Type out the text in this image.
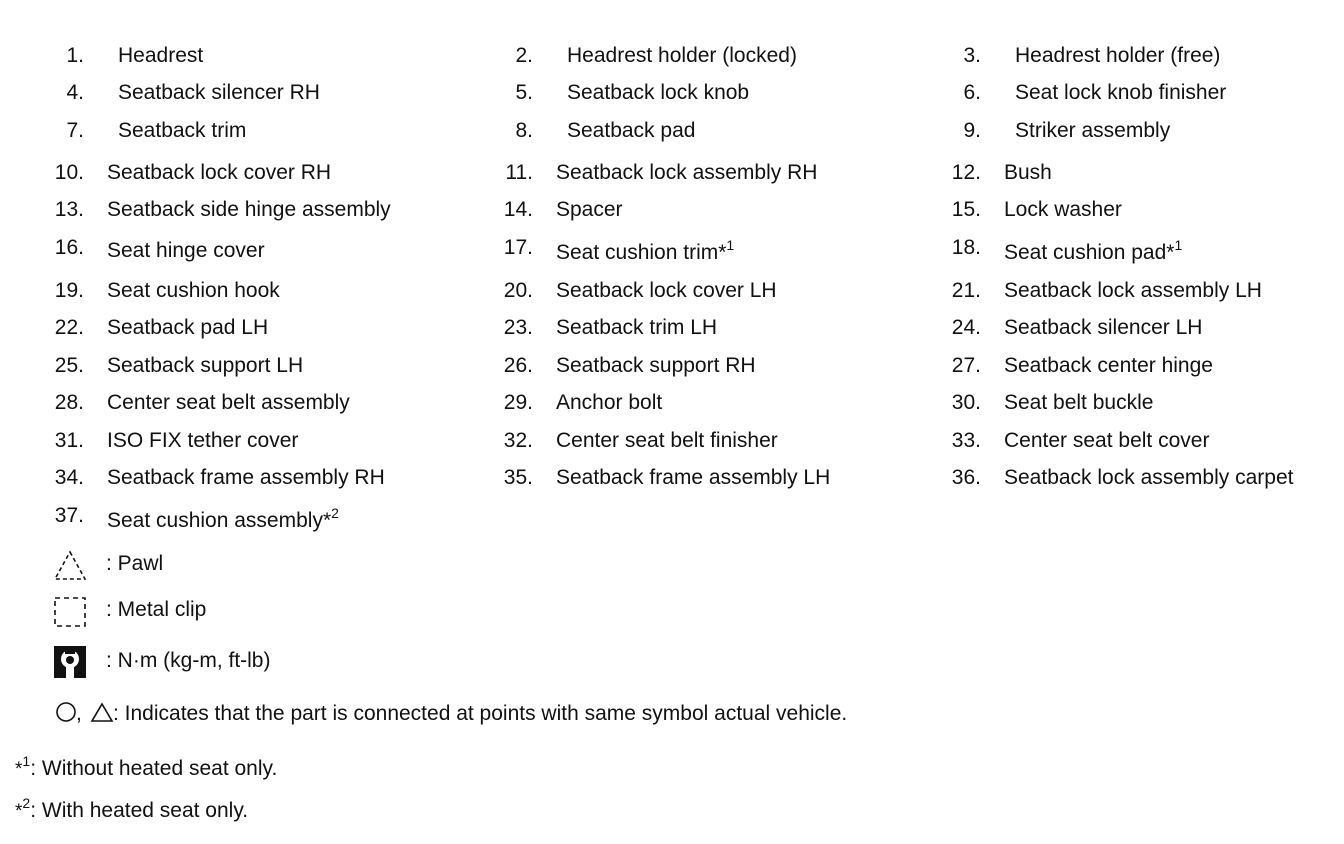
1. Headrest	2. Headrest holder (locked)	3. Headrest holder (free)
4. Seatback silencer RH	5. Seatback lock knob	6. Seat lock knob finisher
7. Seatback trim	8. Seatback pad	9. Striker assembly
10. Seatback lock cover RH	11. Seatback lock assembly RH	12. Bush
13. Seatback side hinge assembly	14. Spacer	15. Lock washer
16. Seat hinge cover	17. Seat cushion trim*$^1$	18. Seat cushion pad*$^1$
19. Seat cushion hook	20. Seatback lock cover LH	21. Seatback lock assembly LH
22. Seatback pad LH	23. Seatback trim LH	24. Seatback silencer LH
25. Seatback support LH	26. Seatback support RH	27. Seatback center hinge
28. Center seat belt assembly	29. Anchor bolt	30. Seat belt buckle
31. ISO FIX tether cover	32. Center seat belt finisher	33. Center seat belt cover
34. Seatback frame assembly RH	35. Seatback frame assembly LH	36. Seatback lock assembly carpet
37. Seat cushion assembly*$^2$
: Pawl
: Metal clip
: N·m (kg-m, ft-lb)
, : Indicates that the part is connected at points with same symbol actual vehicle.
*$^1$: Without heated seat only.
*$^2$: With heated seat only.
